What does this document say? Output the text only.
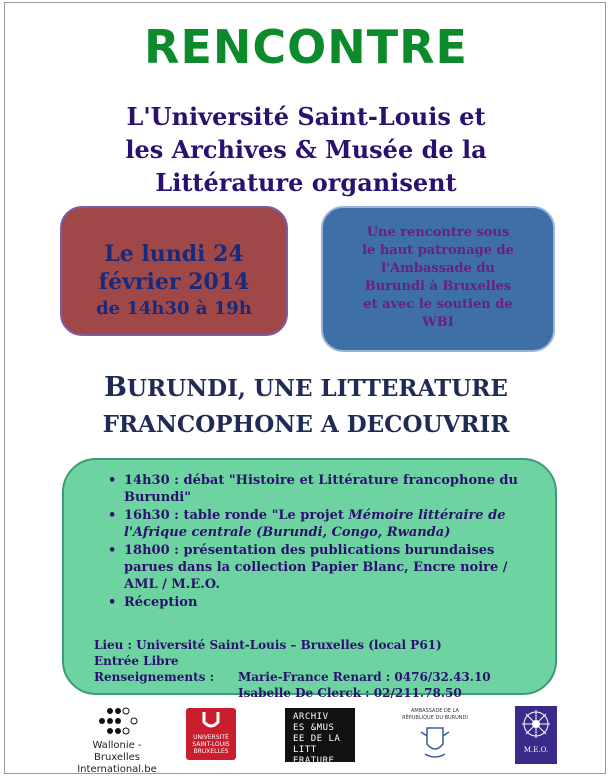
RENCONTRE
L'Université Saint-Louis et
les Archives & Musée de la
Littérature organisent
Le lundi 24
février 2014
de 14h30 à 19h
Une rencontre sous
le haut patronage de
l'Ambassade du
Burundi à Bruxelles
et avec le soutien de
WBI
BURUNDI, UNE LITTERATURE
FRANCOPHONE A DECOUVRIR
• 14h30 : débat "Histoire et Littérature francophone du Burundi"
• 16h30 : table ronde "Le projet Mémoire littéraire de l'Afrique centrale (Burundi, Congo, Rwanda)
• 18h00 : présentation des publications burundaises parues dans la collection Papier Blanc, Encre noire / AML / M.E.O.
• Réception
Lieu : Université Saint-Louis – Bruxelles (local P61)
Entrée Libre
Renseignements : Marie-France Renard : 0476/32.43.10
Isabelle De Clerck : 02/211.78.50
Wallonie - Bruxelles
International.be
UNIVERSITÉ
SAINT-LOUIS
BRUXELLES
ARCHIV
ES &MUS
EE DE LA
LITT
ERATURE
AMBASSADE DE LA
RÉPUBLIQUE DU BURUNDI
M.E.O.
